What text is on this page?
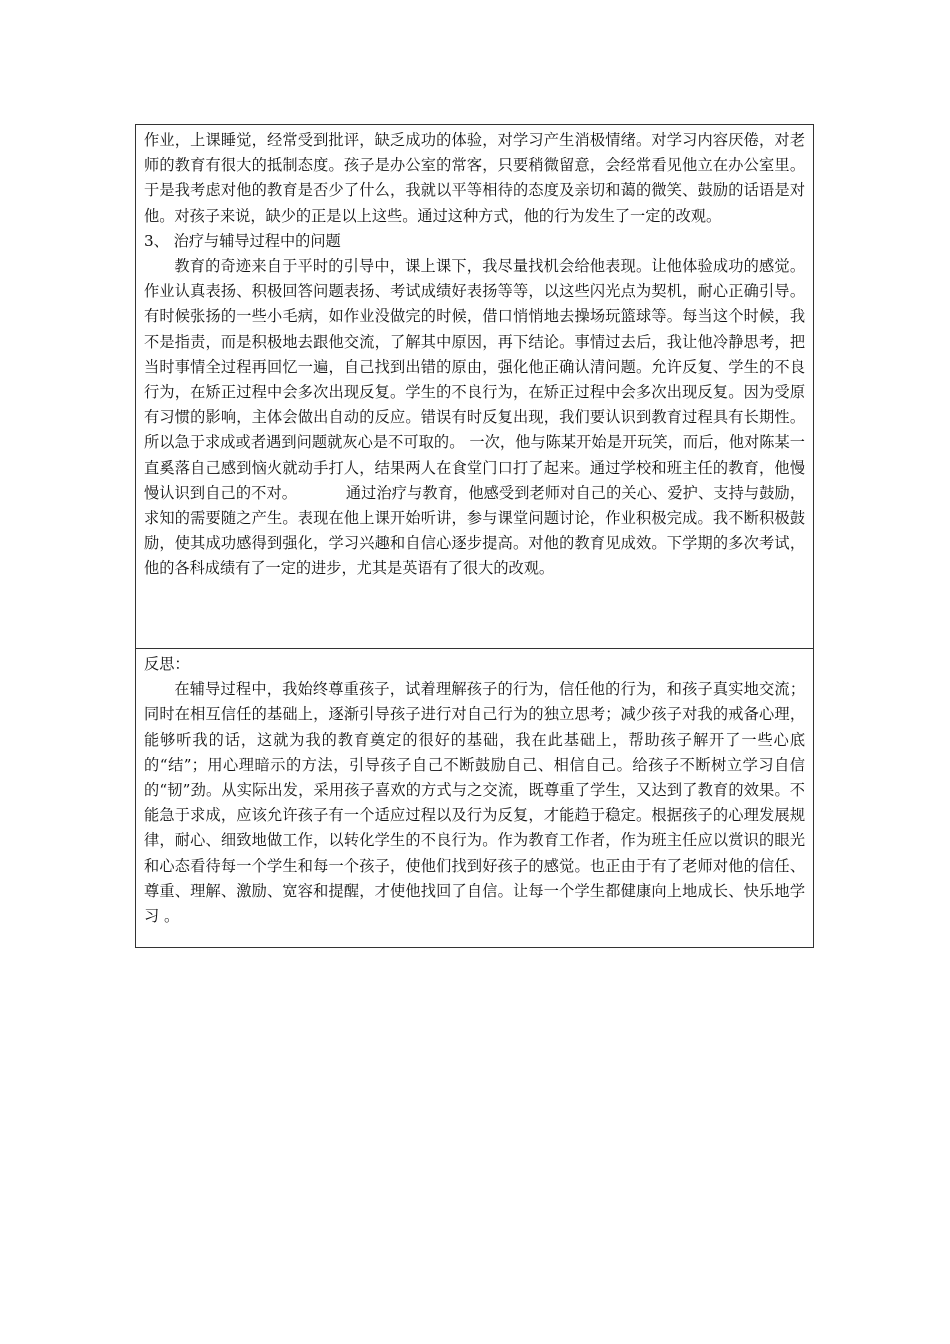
作业，上课睡觉，经常受到批评，缺乏成功的体验，对学习产生消极情绪。对学习内容厌倦，对老师的教育有很大的抵制态度。孩子是办公室的常客，只要稍微留意，会经常看见他立在办公室里。于是我考虑对他的教育是否少了什么，我就以平等相待的态度及亲切和蔼的微笑、鼓励的话语是对他。对孩子来说，缺少的正是以上这些。通过这种方式，他的行为发生了一定的改观。

3、 治疗与辅导过程中的问题

教育的奇迹来自于平时的引导中，课上课下，我尽量找机会给他表现。让他体验成功的感觉。作业认真表扬、积极回答问题表扬、考试成绩好表扬等等，以这些闪光点为契机，耐心正确引导。有时候张扬的一些小毛病，如作业没做完的时候，借口悄悄地去操场玩篮球等。每当这个时候，我不是指责，而是积极地去跟他交流，了解其中原因，再下结论。事情过去后，我让他冷静思考，把当时事情全过程再回忆一遍，自己找到出错的原由，强化他正确认清问题。允许反复、学生的不良行为，在矫正过程中会多次出现反复。学生的不良行为，在矫正过程中会多次出现反复。因为受原有习惯的影响，主体会做出自动的反应。错误有时反复出现，我们要认识到教育过程具有长期性。所以急于求成或者遇到问题就灰心是不可取的。 一次，他与陈某开始是开玩笑，而后，他对陈某一直奚落自己感到恼火就动手打人，结果两人在食堂门口打了起来。通过学校和班主任的教育，他慢慢认识到自己的不对。	通过治疗与教育，他感受到老师对自己的关心、爱护、支持与鼓励，求知的需要随之产生。表现在他上课开始听讲，参与课堂问题讨论，作业积极完成。我不断积极鼓励，使其成功感得到强化，学习兴趣和自信心逐步提高。对他的教育见成效。下学期的多次考试，他的各科成绩有了一定的进步，尤其是英语有了很大的改观。

反思：

在辅导过程中，我始终尊重孩子，试着理解孩子的行为，信任他的行为，和孩子真实地交流；同时在相互信任的基础上，逐渐引导孩子进行对自己行为的独立思考；减少孩子对我的戒备心理，能够听我的话，这就为我的教育奠定的很好的基础，我在此基础上，帮助孩子解开了一些心底的“结”；用心理暗示的方法，引导孩子自己不断鼓励自己、相信自己。给孩子不断树立学习自信的“韧”劲。从实际出发，采用孩子喜欢的方式与之交流，既尊重了学生，又达到了教育的效果。不能急于求成，应该允许孩子有一个适应过程以及行为反复，才能趋于稳定。根据孩子的心理发展规律，耐心、细致地做工作，以转化学生的不良行为。作为教育工作者，作为班主任应以赏识的眼光和心态看待每一个学生和每一个孩子，使他们找到好孩子的感觉。也正由于有了老师对他的信任、尊重、理解、激励、宽容和提醒，才使他找回了自信。让每一个学生都健康向上地成长、快乐地学习 。
